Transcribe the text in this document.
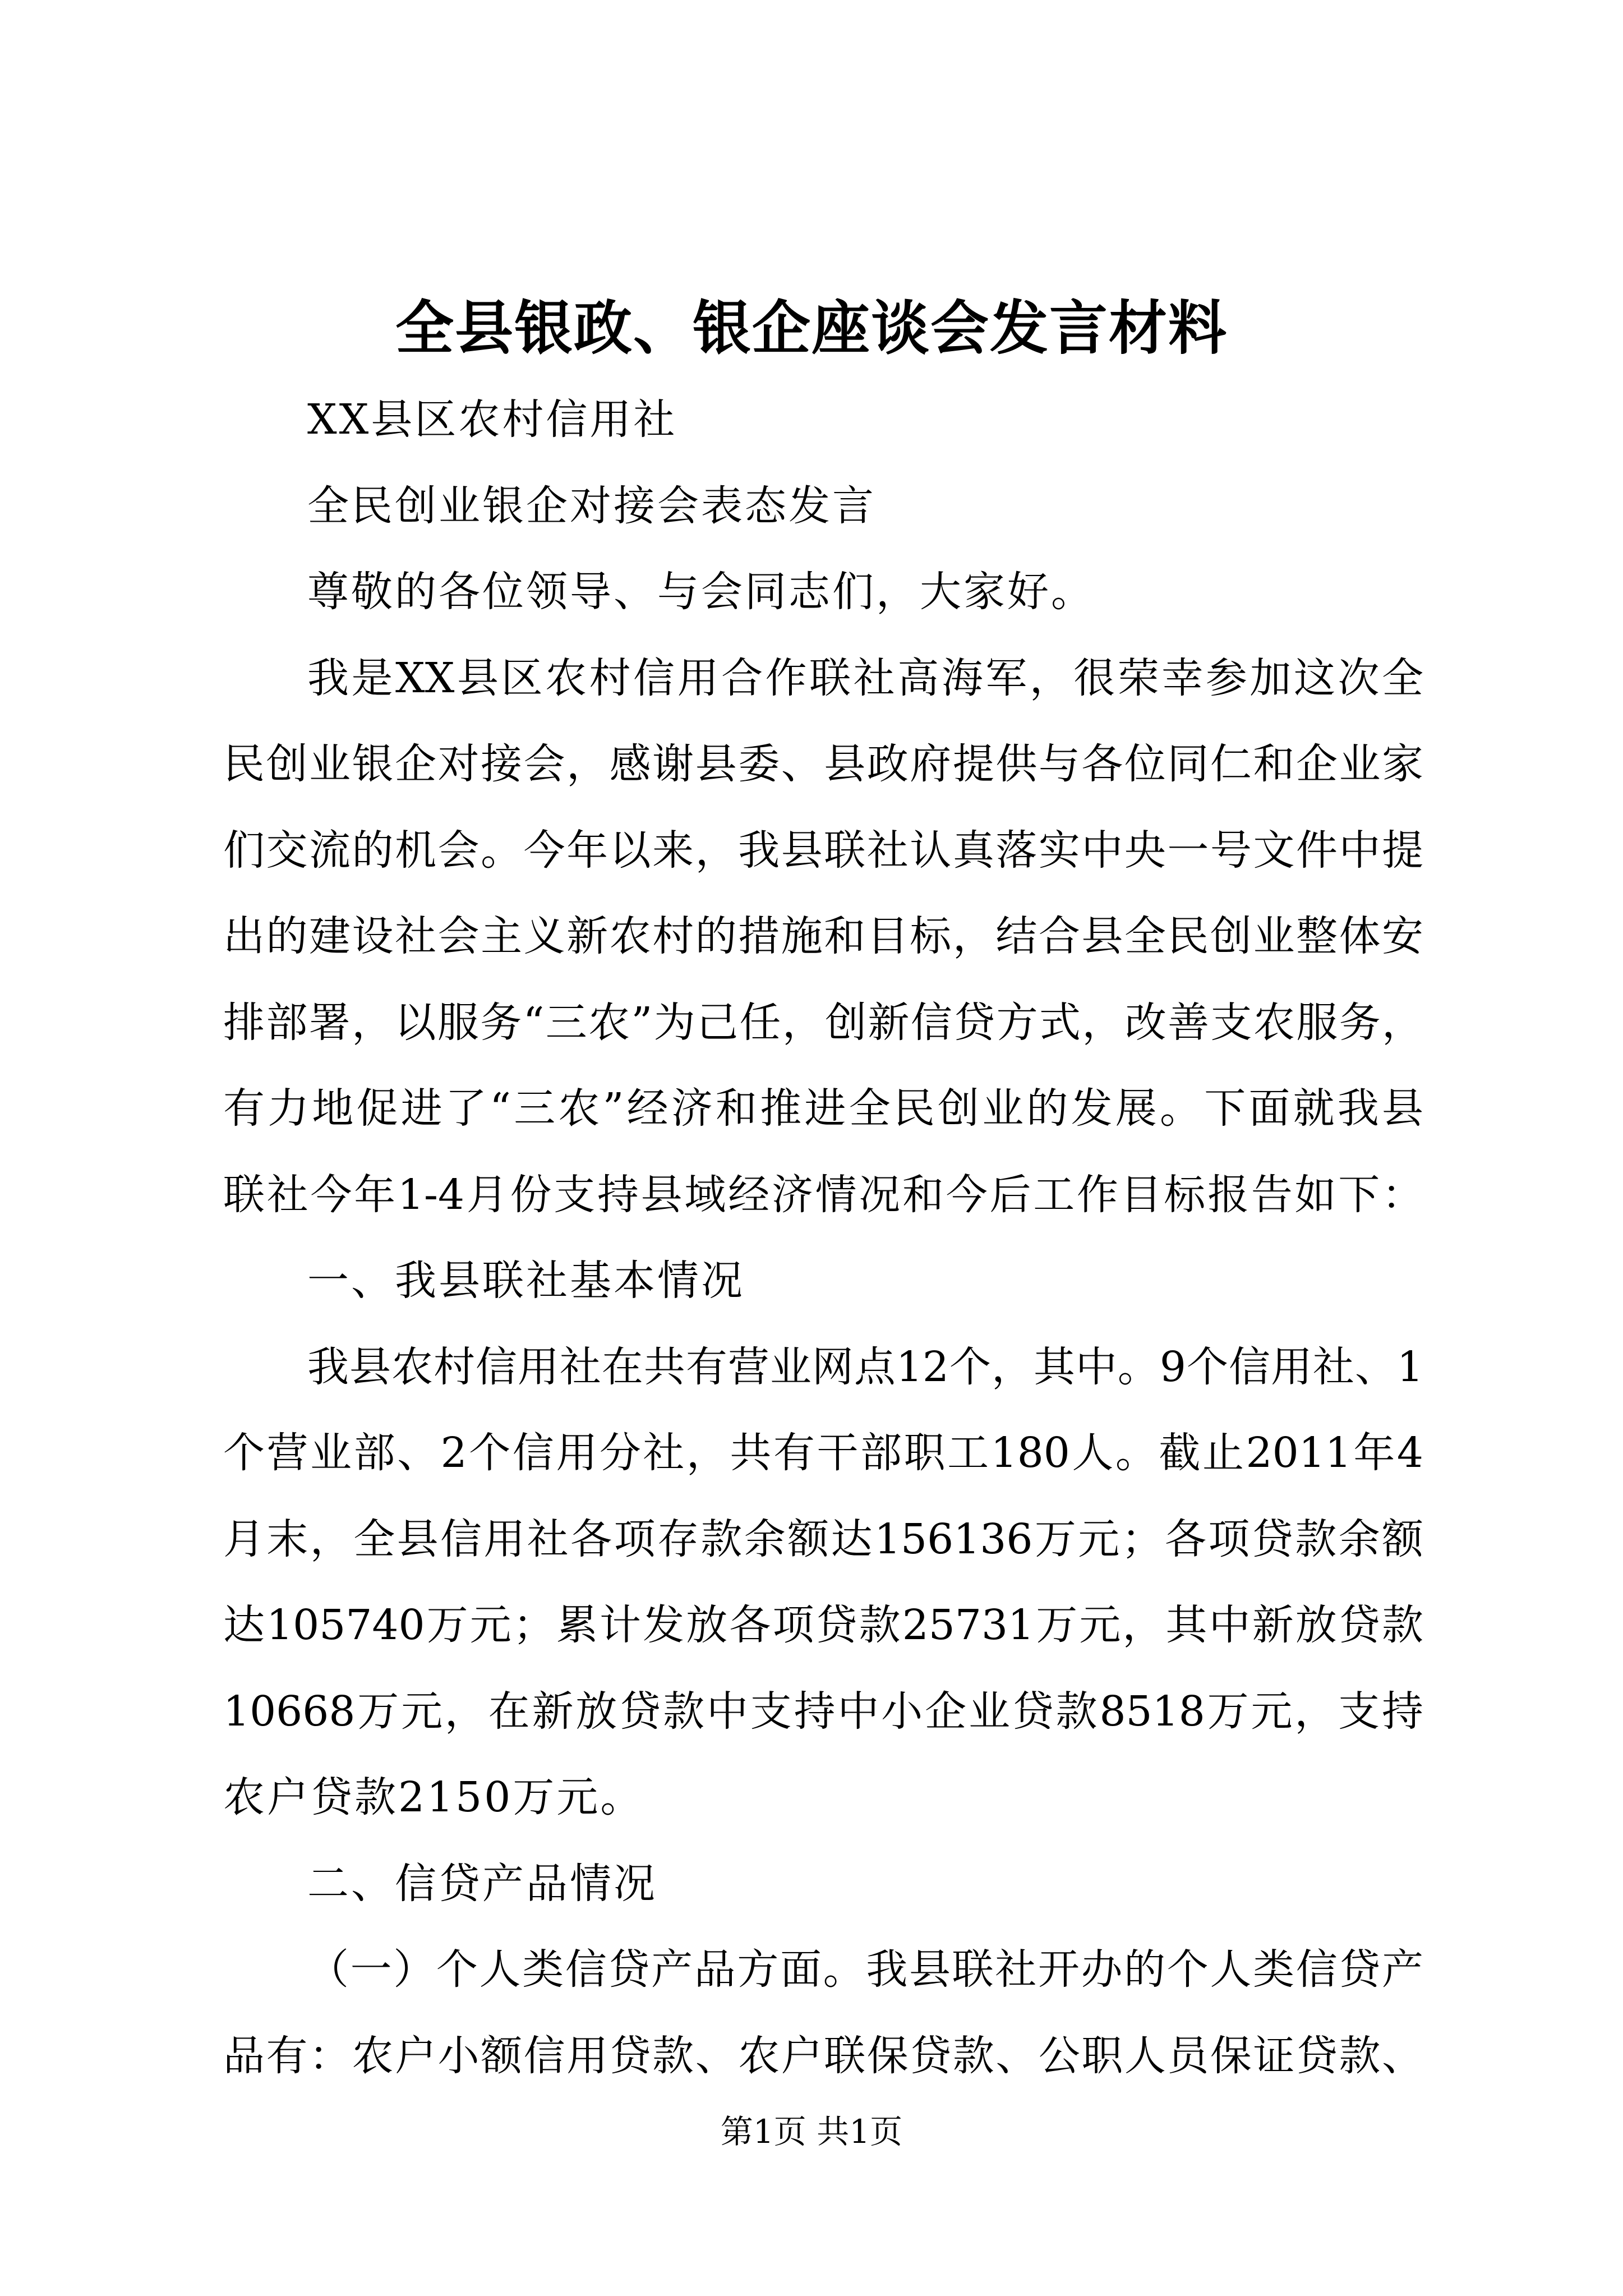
全县银政、银企座谈会发言材料
XX县区农村信用社
全民创业银企对接会表态发言
尊敬的各位领导、与会同志们，大家好。
我是XX县区农村信用合作联社高海军，很荣幸参加这次全
民创业银企对接会，感谢县委、县政府提供与各位同仁和企业家
们交流的机会。今年以来，我县联社认真落实中央一号文件中提
出的建设社会主义新农村的措施和目标，结合县全民创业整体安
排部署，以服务“三农”为己任，创新信贷方式，改善支农服务，
有力地促进了“三农”经济和推进全民创业的发展。下面就我县
联社今年1-4月份支持县域经济情况和今后工作目标报告如下：
一、我县联社基本情况
我县农村信用社在共有营业网点12个，其中。9个信用社、1
个营业部、2个信用分社，共有干部职工180人。截止2011年4
月末，全县信用社各项存款余额达156136万元；各项贷款余额
达105740万元；累计发放各项贷款25731万元，其中新放贷款
10668万元，在新放贷款中支持中小企业贷款8518万元，支持
农户贷款2150万元。
二、信贷产品情况
（一）个人类信贷产品方面。我县联社开办的个人类信贷产
品有：农户小额信用贷款、农户联保贷款、公职人员保证贷款、
第1页 共1页
